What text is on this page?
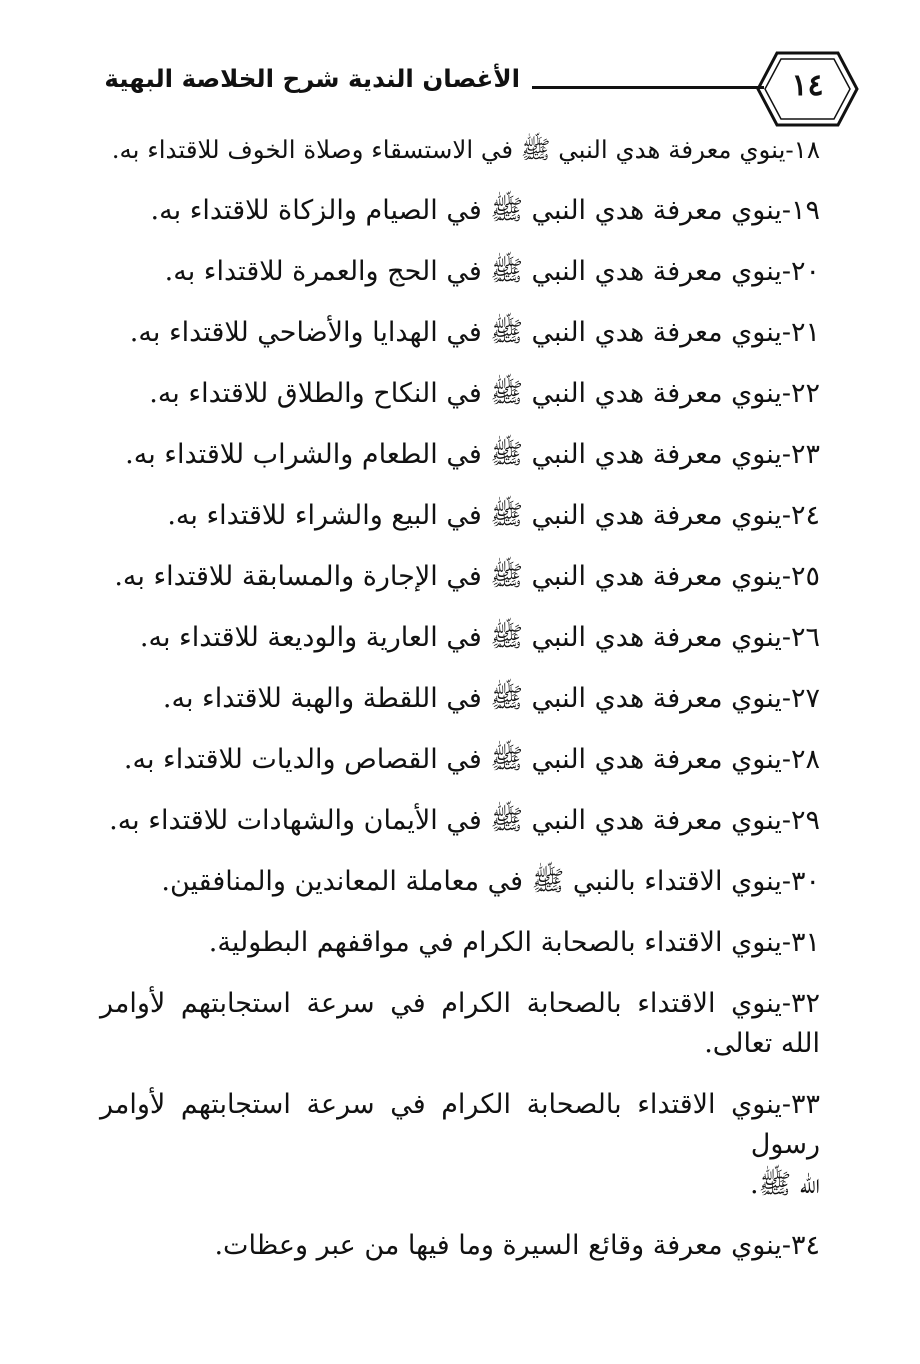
١٤
الأغصان الندية شرح الخلاصة البهية
١٨-ينوي معرفة هدي النبي ﷺ في الاستسقاء وصلاة الخوف للاقتداء به.
١٩-ينوي معرفة هدي النبي ﷺ في الصيام والزكاة للاقتداء به.
٢٠-ينوي معرفة هدي النبي ﷺ في الحج والعمرة للاقتداء به.
٢١-ينوي معرفة هدي النبي ﷺ في الهدايا والأضاحي للاقتداء به.
٢٢-ينوي معرفة هدي النبي ﷺ في النكاح والطلاق للاقتداء به.
٢٣-ينوي معرفة هدي النبي ﷺ في الطعام والشراب للاقتداء به.
٢٤-ينوي معرفة هدي النبي ﷺ في البيع والشراء للاقتداء به.
٢٥-ينوي معرفة هدي النبي ﷺ في الإجارة والمسابقة للاقتداء به.
٢٦-ينوي معرفة هدي النبي ﷺ في العارية والوديعة للاقتداء به.
٢٧-ينوي معرفة هدي النبي ﷺ في اللقطة والهبة للاقتداء به.
٢٨-ينوي معرفة هدي النبي ﷺ في القصاص والديات للاقتداء به.
٢٩-ينوي معرفة هدي النبي ﷺ في الأيمان والشهادات للاقتداء به.
٣٠-ينوي الاقتداء بالنبي ﷺ في معاملة المعاندين والمنافقين.
٣١-ينوي الاقتداء بالصحابة الكرام في مواقفهم البطولية.
٣٢-ينوي الاقتداء بالصحابة الكرام في سرعة استجابتهم لأوامر
الله تعالى.
٣٣-ينوي الاقتداء بالصحابة الكرام في سرعة استجابتهم لأوامر رسول
الله ﷺ.
٣٤-ينوي معرفة وقائع السيرة وما فيها من عبر وعظات.
